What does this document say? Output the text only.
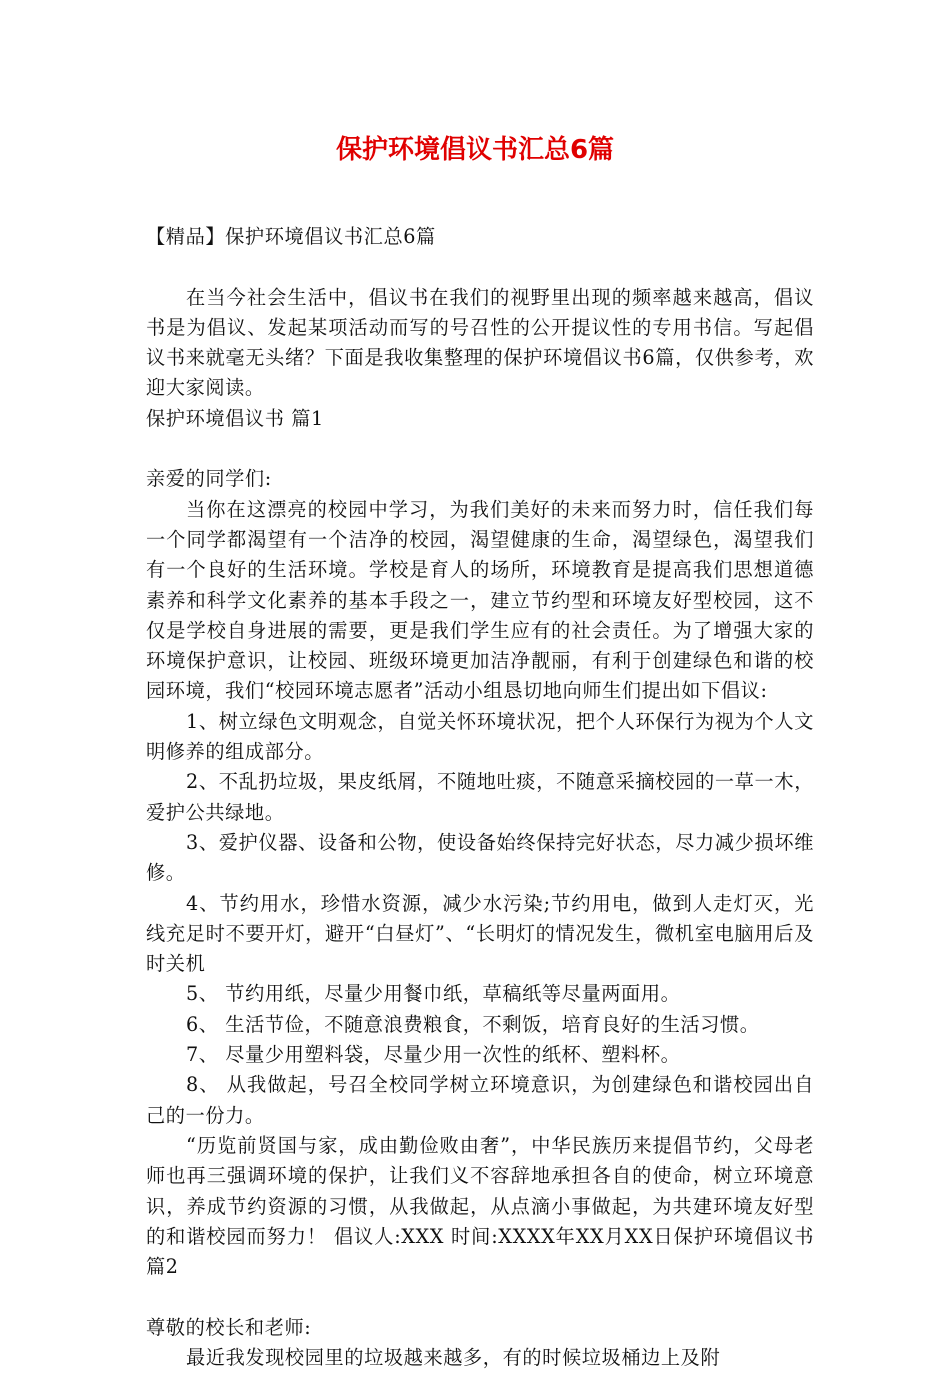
保护环境倡议书汇总6篇

【精品】保护环境倡议书汇总6篇

在当今社会生活中，倡议书在我们的视野里出现的频率越来越高，倡议书是为倡议、发起某项活动而写的号召性的公开提议性的专用书信。写起倡议书来就毫无头绪？下面是我收集整理的保护环境倡议书6篇，仅供参考，欢迎大家阅读。

保护环境倡议书 篇1

亲爱的同学们:

当你在这漂亮的校园中学习，为我们美好的未来而努力时，信任我们每一个同学都渴望有一个洁净的校园，渴望健康的生命，渴望绿色，渴望我们有一个良好的生活环境。学校是育人的场所，环境教育是提高我们思想道德素养和科学文化素养的基本手段之一，建立节约型和环境友好型校园，这不仅是学校自身进展的需要，更是我们学生应有的社会责任。为了增强大家的环境保护意识，让校园、班级环境更加洁净靓丽，有利于创建绿色和谐的校园环境，我们“校园环境志愿者”活动小组恳切地向师生们提出如下倡议:

1、树立绿色文明观念，自觉关怀环境状况，把个人环保行为视为个人文明修养的组成部分。

2、不乱扔垃圾，果皮纸屑，不随地吐痰，不随意采摘校园的一草一木，爱护公共绿地。

3、爱护仪器、设备和公物，使设备始终保持完好状态，尽力减少损坏维修。

4、节约用水，珍惜水资源，减少水污染;节约用电，做到人走灯灭，光线充足时不要开灯，避开“白昼灯”、“长明灯的情况发生，微机室电脑用后及时关机

5、 节约用纸，尽量少用餐巾纸，草稿纸等尽量两面用。

6、 生活节俭，不随意浪费粮食，不剩饭，培育良好的生活习惯。

7、 尽量少用塑料袋，尽量少用一次性的纸杯、塑料杯。

8、 从我做起，号召全校同学树立环境意识，为创建绿色和谐校园出自己的一份力。

“历览前贤国与家，成由勤俭败由奢”，中华民族历来提倡节约，父母老师也再三强调环境的保护，让我们义不容辞地承担各自的使命，树立环境意识，养成节约资源的习惯，从我做起，从点滴小事做起，为共建环境友好型的和谐校园而努力！ 倡议人:XXX 时间:XXXX年XX月XX日保护环境倡议书 篇2

尊敬的校长和老师:

最近我发现校园里的垃圾越来越多，有的时候垃圾桶边上及附
